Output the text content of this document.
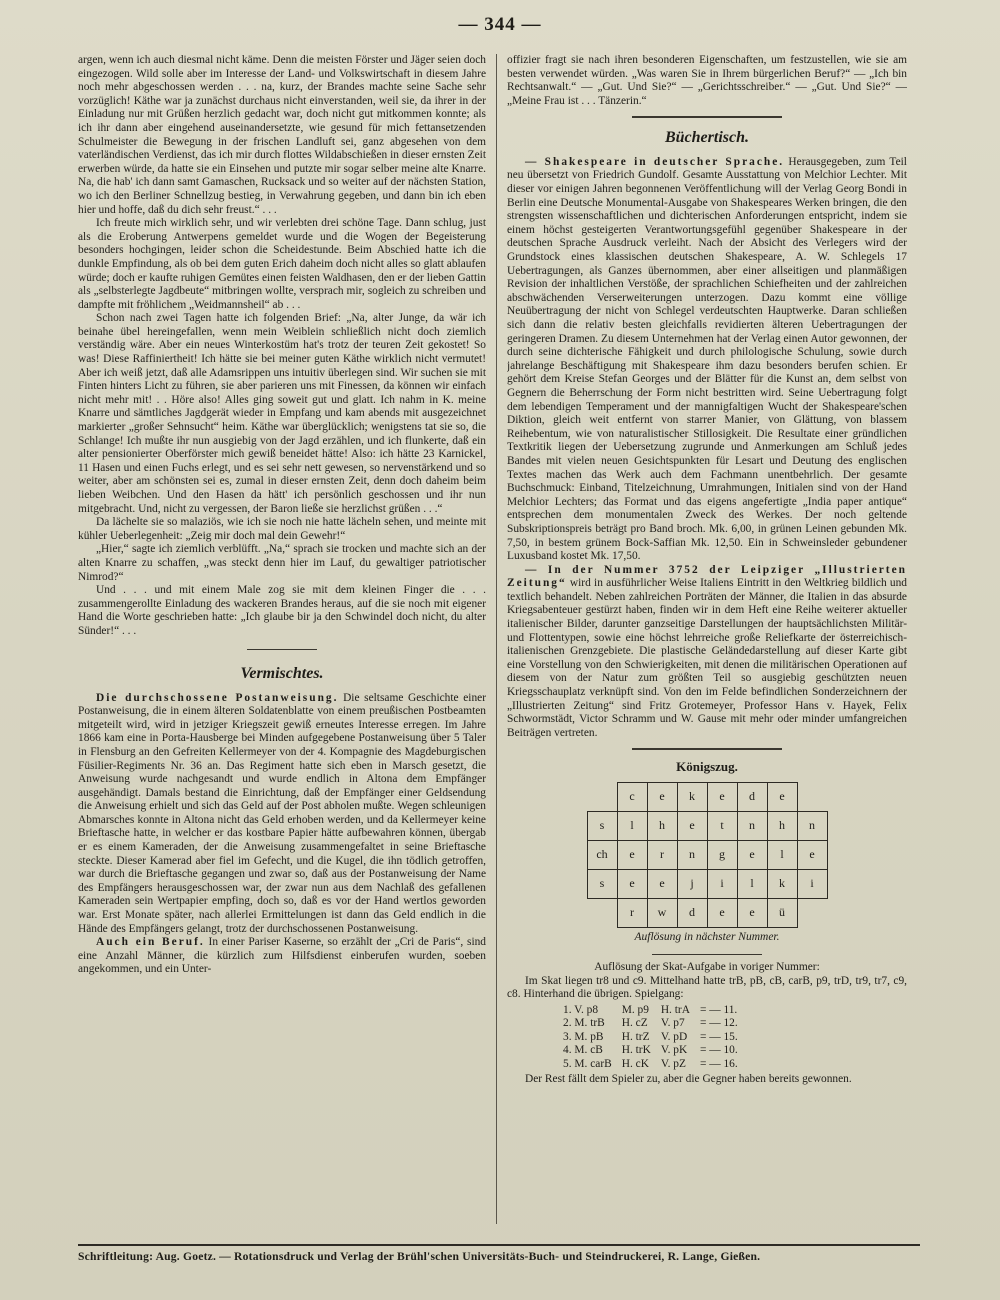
— 344 —

argen, wenn ich auch diesmal nicht käme. Denn die meisten Förster und Jäger seien doch eingezogen. Wild solle aber im Interesse der Land- und Volkswirtschaft in diesem Jahre noch mehr abgeschossen werden . . . na, kurz, der Brandes machte seine Sache sehr vorzüglich! Käthe war ja zunächst durchaus nicht einverstanden, weil sie, da ihrer in der Einladung nur mit Grüßen herzlich gedacht war, doch nicht gut mitkommen konnte; als ich ihr dann aber eingehend auseinandersetzte, wie gesund für mich fettansetzenden Schulmeister die Bewegung in der frischen Landluft sei, ganz abgesehen von dem vaterländischen Verdienst, das ich mir durch flottes Wildabschießen in dieser ernsten Zeit erwerben würde, da hatte sie ein Einsehen und putzte mir sogar selber meine alte Knarre. Na, die hab' ich dann samt Gamaschen, Rucksack und so weiter auf der nächsten Station, wo ich den Berliner Schnellzug bestieg, in Verwahrung gegeben, und dann bin ich eben hier und hoffe, daß du dich sehr freust.“ . . .

Ich freute mich wirklich sehr, und wir verlebten drei schöne Tage. Dann schlug, just als die Eroberung Antwerpens gemeldet wurde und die Wogen der Begeisterung besonders hochgingen, leider schon die Scheidestunde. Beim Abschied hatte ich die dunkle Empfindung, als ob bei dem guten Erich daheim doch nicht alles so glatt ablaufen würde; doch er kaufte ruhigen Gemütes einen feisten Waldhasen, den er der lieben Gattin als „selbsterlegte Jagdbeute“ mitbringen wollte, versprach mir, sogleich zu schreiben und dampfte mit fröhlichem „Weidmannsheil“ ab . . .

Schon nach zwei Tagen hatte ich folgenden Brief: „Na, alter Junge, da wär ich beinahe übel hereingefallen, wenn mein Weiblein schließlich nicht doch ziemlich verständig wäre. Aber ein neues Winterkostüm hat's trotz der teuren Zeit gekostet! So was! Diese Raffiniertheit! Ich hätte sie bei meiner guten Käthe wirklich nicht vermutet! Aber ich weiß jetzt, daß alle Adamsrippen uns intuitiv überlegen sind. Wir suchen sie mit Finten hinters Licht zu führen, sie aber parieren uns mit Finessen, da können wir einfach nicht mehr mit! . . Höre also! Alles ging soweit gut und glatt. Ich nahm in K. meine Knarre und sämtliches Jagdgerät wieder in Empfang und kam abends mit ausgezeichnet markierter „großer Sehnsucht“ heim. Käthe war überglücklich; wenigstens tat sie so, die Schlange! Ich mußte ihr nun ausgiebig von der Jagd erzählen, und ich flunkerte, daß ein alter pensionierter Oberförster mich gewiß beneidet hätte! Also: ich hätte 23 Karnickel, 11 Hasen und einen Fuchs erlegt, und es sei sehr nett gewesen, so nervenstärkend und so weiter, aber am schönsten sei es, zumal in dieser ernsten Zeit, denn doch daheim beim lieben Weibchen. Und den Hasen da hätt' ich persönlich geschossen und ihr nun mitgebracht. Und, nicht zu vergessen, der Baron ließe sie herzlichst grüßen . . .“

Da lächelte sie so malaziös, wie ich sie noch nie hatte lächeln sehen, und meinte mit kühler Ueberlegenheit: „Zeig mir doch mal dein Gewehr!“

„Hier,“ sagte ich ziemlich verblüfft. „Na,“ sprach sie trocken und machte sich an der alten Knarre zu schaffen, „was steckt denn hier im Lauf, du gewaltiger patriotischer Nimrod?“

Und . . . und mit einem Male zog sie mit dem kleinen Finger die . . . zusammengerollte Einladung des wackeren Brandes heraus, auf die sie noch mit eigener Hand die Worte geschrieben hatte: „Ich glaube bir ja den Schwindel doch nicht, du alter Sünder!“ . . .

Vermischtes.

Die durchschossene Postanweisung. Die seltsame Geschichte einer Postanweisung, die in einem älteren Soldatenblatte von einem preußischen Postbeamten mitgeteilt wird, wird in jetziger Kriegszeit gewiß erneutes Interesse erregen. Im Jahre 1866 kam eine in Porta-Hausberge bei Minden aufgegebene Postanweisung über 5 Taler in Flensburg an den Gefreiten Kellermeyer von der 4. Kompagnie des Magdeburgischen Füsilier-Regiments Nr. 36 an. Das Regiment hatte sich eben in Marsch gesetzt, die Anweisung wurde nachgesandt und wurde endlich in Altona dem Empfänger ausgehändigt. Damals bestand die Einrichtung, daß der Empfänger einer Geldsendung die Anweisung erhielt und sich das Geld auf der Post abholen mußte. Wegen schleunigen Abmarsches konnte in Altona nicht das Geld erhoben werden, und da Kellermeyer keine Brieftasche hatte, in welcher er das kostbare Papier hätte aufbewahren können, übergab er es einem Kameraden, der die Anweisung zusammengefaltet in seine Brieftasche steckte. Dieser Kamerad aber fiel im Gefecht, und die Kugel, die ihn tödlich getroffen, war durch die Brieftasche gegangen und zwar so, daß aus der Postanweisung der Name des Empfängers herausgeschossen war, der zwar nun aus dem Nachlaß des gefallenen Kameraden sein Wertpapier empfing, doch so, daß es vor der Hand wertlos geworden war. Erst Monate später, nach allerlei Ermittelungen ist dann das Geld endlich in die Hände des Empfängers gelangt, trotz der durchschossenen Postanweisung.

Auch ein Beruf. In einer Pariser Kaserne, so erzählt der „Cri de Paris“, sind eine Anzahl Männer, die kürzlich zum Hilfsdienst einberufen wurden, soeben angekommen, und ein Unter-

offizier fragt sie nach ihren besonderen Eigenschaften, um festzustellen, wie sie am besten verwendet würden. „Was waren Sie in Ihrem bürgerlichen Beruf?“ — „Ich bin Rechtsanwalt.“ — „Gut. Und Sie?“ — „Gerichtsschreiber.“ — „Gut. Und Sie?“ — „Meine Frau ist . . . Tänzerin.“

Büchertisch.

— Shakespeare in deutscher Sprache. Herausgegeben, zum Teil neu übersetzt von Friedrich Gundolf. Gesamte Ausstattung von Melchior Lechter. Mit dieser vor einigen Jahren begonnenen Veröffentlichung will der Verlag Georg Bondi in Berlin eine Deutsche Monumental-Ausgabe von Shakespeares Werken bringen, die den strengsten wissenschaftlichen und dichterischen Anforderungen entspricht, indem sie einem höchst gesteigerten Verantwortungsgefühl gegenüber Shakespeare in der deutschen Sprache Ausdruck verleiht. Nach der Absicht des Verlegers wird der Grundstock eines klassischen deutschen Shakespeare, A. W. Schlegels 17 Uebertragungen, als Ganzes übernommen, aber einer allseitigen und planmäßigen Revision der inhaltlichen Verstöße, der sprachlichen Schiefheiten und der zahlreichen abschwächenden Verserweiterungen unterzogen. Dazu kommt eine völlige Neuübertragung der nicht von Schlegel verdeutschten Hauptwerke. Daran schließen sich dann die relativ besten gleichfalls revidierten älteren Uebertragungen der geringeren Dramen. Zu diesem Unternehmen hat der Verlag einen Autor gewonnen, der durch seine dichterische Fähigkeit und durch philologische Schulung, sowie durch jahrelange Beschäftigung mit Shakespeare ihm dazu besonders berufen schien. Er gehört dem Kreise Stefan Georges und der Blätter für die Kunst an, dem selbst von Gegnern die Beherrschung der Form nicht bestritten wird. Seine Uebertragung folgt dem lebendigen Temperament und der mannigfaltigen Wucht der Shakespeare'schen Diktion, gleich weit entfernt von starrer Manier, von Glättung, von blassem Reihebentum, wie von naturalistischer Stillosigkeit. Die Resultate einer gründlichen Textkritik liegen der Uebersetzung zugrunde und Anmerkungen am Schluß jedes Bandes mit vielen neuen Gesichtspunkten für Lesart und Deutung des englischen Textes machen das Werk auch dem Fachmann unentbehrlich. Der gesamte Buchschmuck: Einband, Titelzeichnung, Umrahmungen, Initialen sind von der Hand Melchior Lechters; das Format und das eigens angefertigte „India paper antique“ entsprechen dem monumentalen Zweck des Werkes. Der noch geltende Subskriptionspreis beträgt pro Band broch. Mk. 6,00, in grünen Leinen gebunden Mk. 7,50, in bestem grünem Bock-Saffian Mk. 12,50. Ein in Schweinsleder gebundener Luxusband kostet Mk. 17,50.

— In der Nummer 3752 der Leipziger „Illustrierten Zeitung“ wird in ausführlicher Weise Italiens Eintritt in den Weltkrieg bildlich und textlich behandelt. Neben zahlreichen Porträten der Männer, die Italien in das absurde Kriegsabenteuer gestürzt haben, finden wir in dem Heft eine Reihe weiterer aktueller italienischer Bilder, darunter ganzseitige Darstellungen der hauptsächlichsten Militär- und Flottentypen, sowie eine höchst lehrreiche große Reliefkarte der österreichisch-italienischen Grenzgebiete. Die plastische Geländedarstellung auf dieser Karte gibt eine Vorstellung von den Schwierigkeiten, mit denen die militärischen Operationen auf diesem von der Natur zum größten Teil so ausgiebig geschützten neuen Kriegsschauplatz verknüpft sind. Von den im Felde befindlichen Sonderzeichnern der „Illustrierten Zeitung“ sind Fritz Grotemeyer, Professor Hans v. Hayek, Felix Schwormstädt, Victor Schramm und W. Gause mit mehr oder minder umfangreichen Beiträgen vertreten.

Königszug.
	c	e	k	e	d	e	
s	l	h	e	t	n	h	n
ch	e	r	n	g	e	l	e
s	e	e	j	i	l	k	i
	r	w	d	e	e	ü	
Auflösung in nächster Nummer.
Auflösung der Skat-Aufgabe in voriger Nummer:

Im Skat liegen tr8 und c9. Mittelhand hatte trB, pB, cB, carB, p9, trD, tr9, tr7, c9, c8. Hinterhand die übrigen. Spielgang:

1. V. p8	M. p9	H. trA	= — 11.
2. M. trB	H. cZ	V. p7	= — 12.
3. M. pB	H. trZ	V. pD	= — 15.
4. M. cB	H. trK	V. pK	= — 10.
5. M. carB	H. cK	V. pZ	= — 16.

Der Rest fällt dem Spieler zu, aber die Gegner haben bereits gewonnen.

Schriftleitung: Aug. Goetz. — Rotationsdruck und Verlag der Brühl'schen Universitäts-Buch- und Steindruckerei, R. Lange, Gießen.
